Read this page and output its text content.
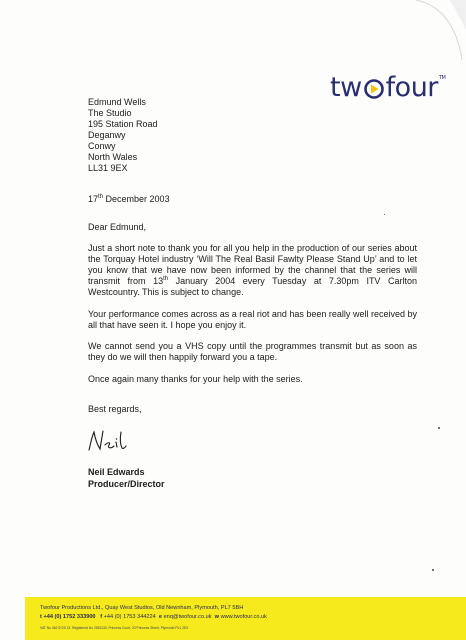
tw four TM
Edmund Wells
The Studio
195 Station Road
Deganwy
Conwy
North Wales
LL31 9EX
17th December 2003
Dear Edmund,

Just a short note to thank you for all you help in the production of our series about the Torquay Hotel industry ‘Will The Real Basil Fawlty Please Stand Up’ and to let you know that we have now been informed by the channel that the series will transmit from 13th January 2004 every Tuesday at 7.30pm ITV Carlton Westcountry. This is subject to change.

Your performance comes across as a real riot and has been really well received by all that have seen it. I hope you enjoy it.

We cannot send you a VHS copy until the programmes transmit but as soon as they do we will then happily forward you a tape.

Once again many thanks for your help with the series.

Best regards,
Neil Edwards
Producer/Director
Twofour Productions Ltd., Quay West Studios, Old Newnham, Plymouth, PL7 5BH
t +44 (0) 1752 333900 f +44 (0) 1753 344224 e enq@twofour.co.uk w www.twofour.co.uk
VAT No 462 9725 13. Registered No 2551130. Princess Court, 23 Princess Street, Plymouth PL1 2EX
